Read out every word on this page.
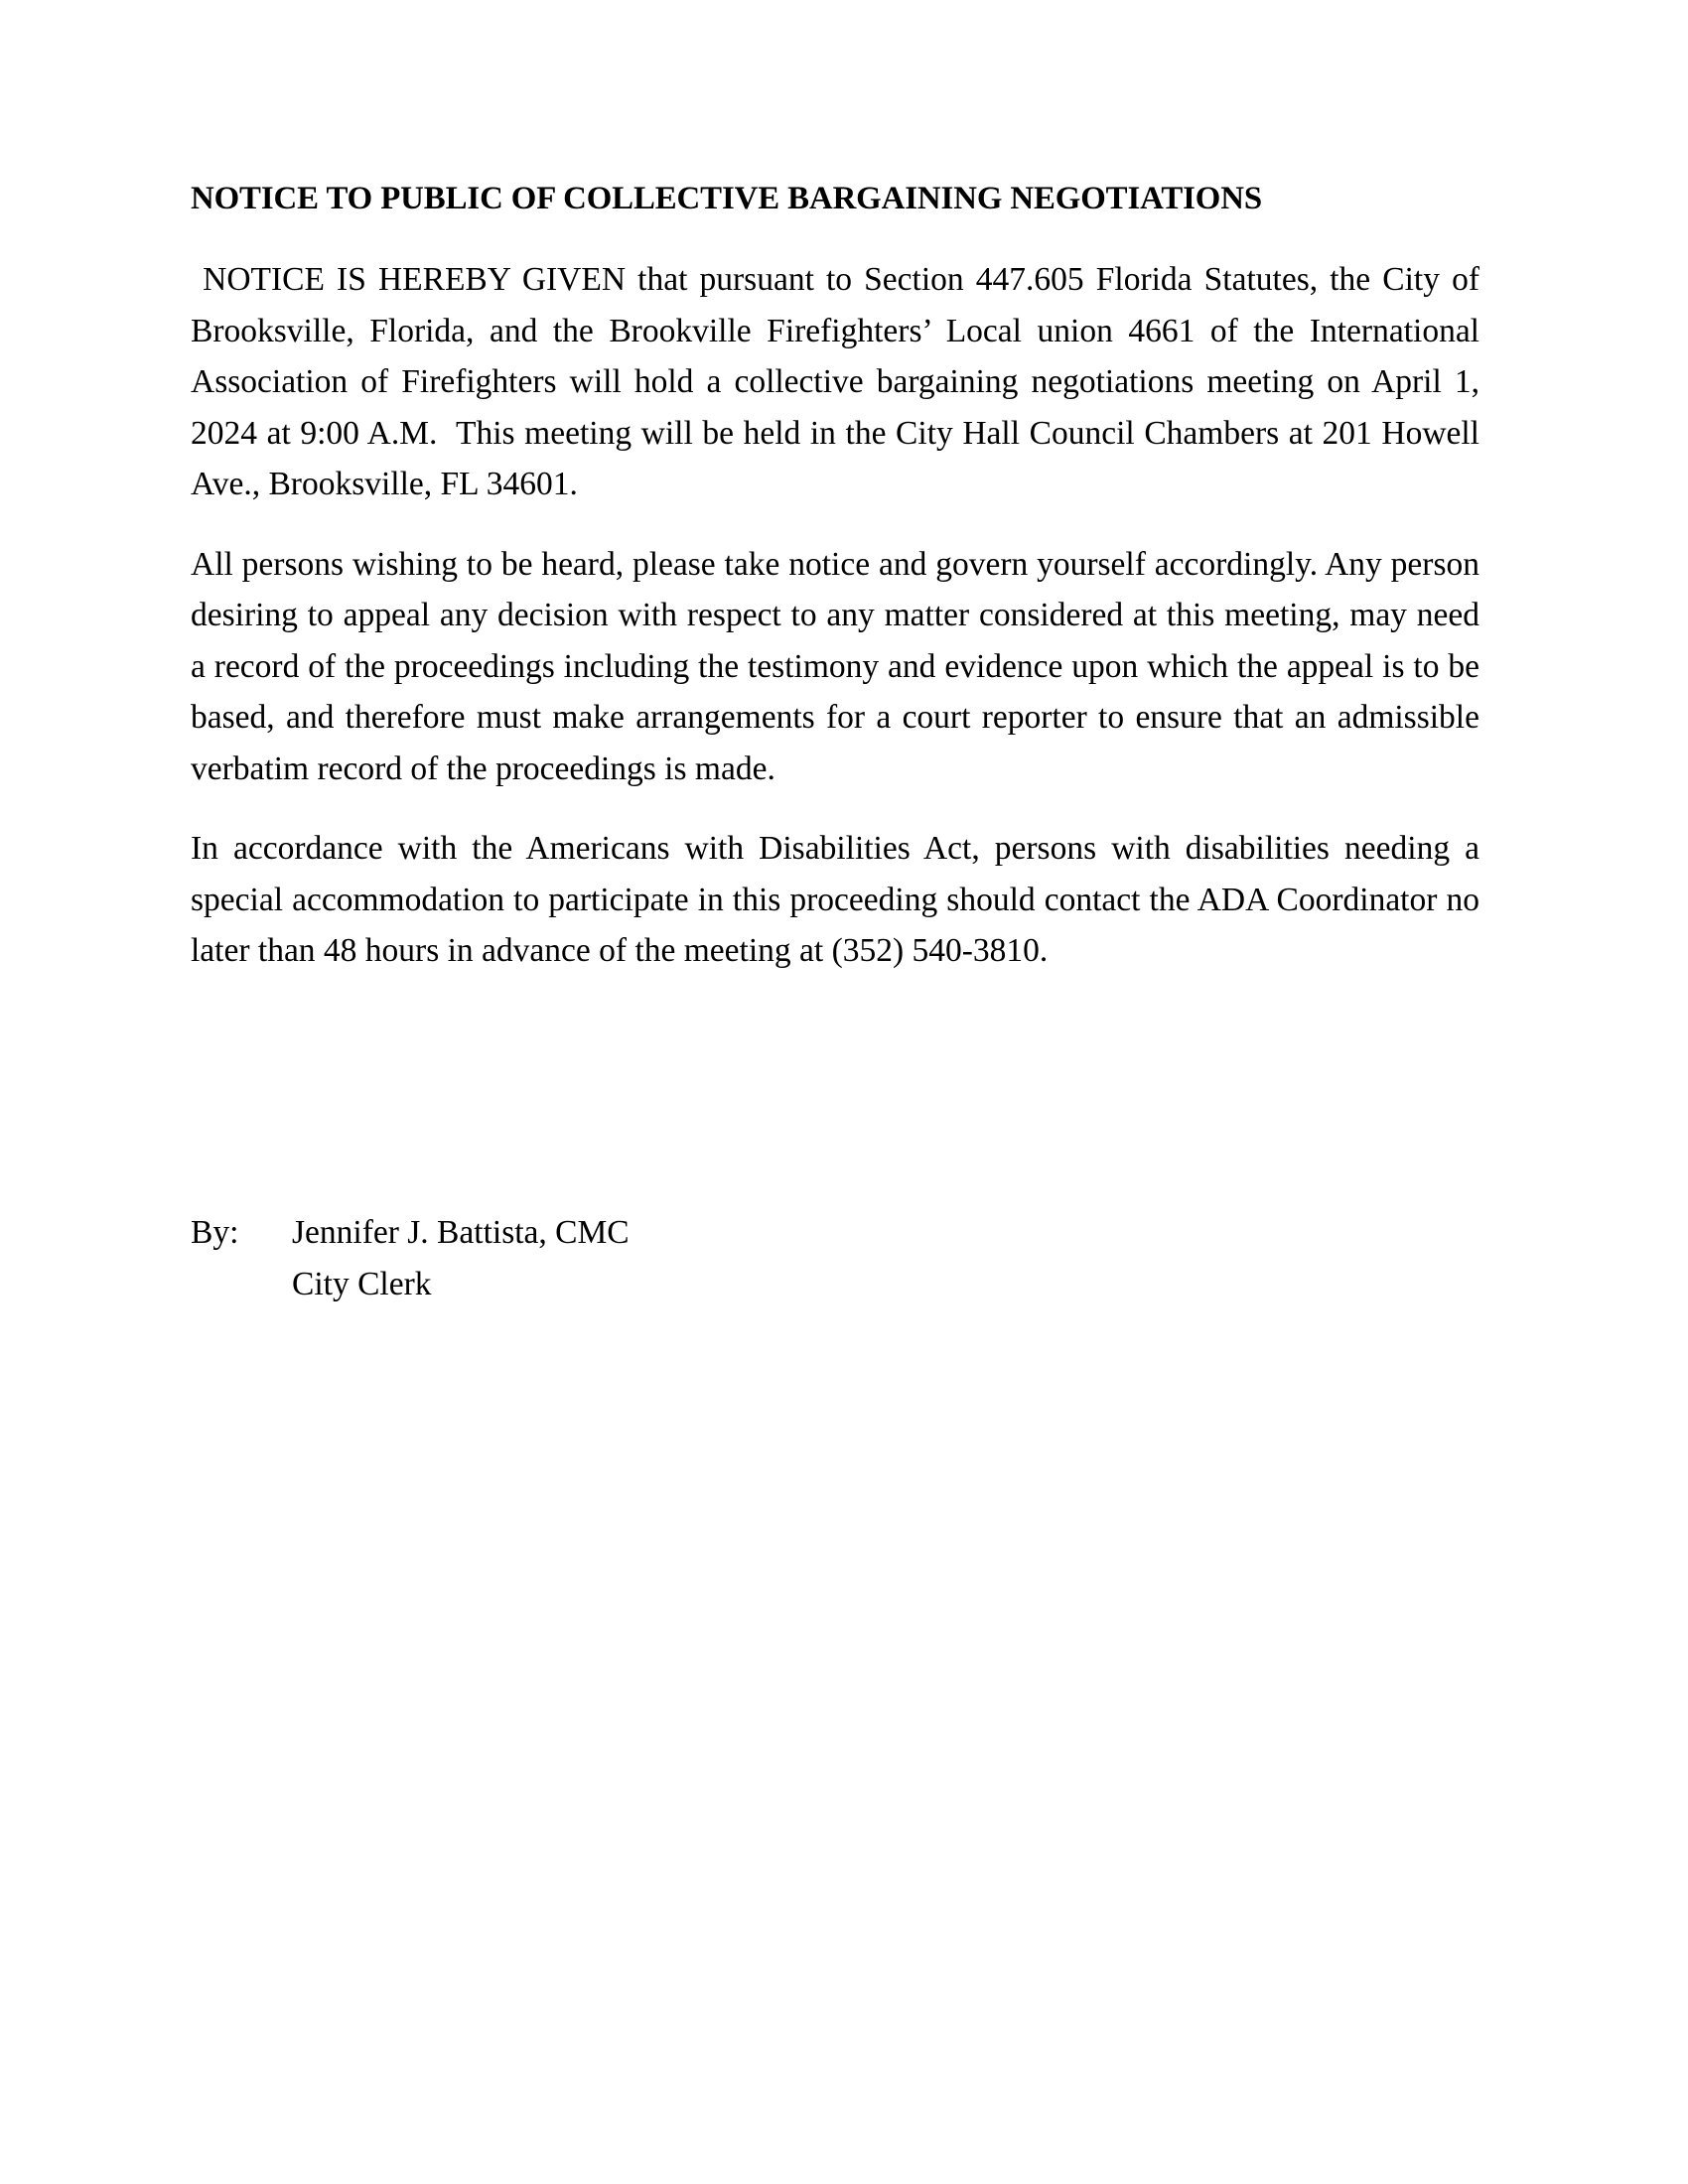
NOTICE TO PUBLIC OF COLLECTIVE BARGAINING NEGOTIATIONS

NOTICE IS HEREBY GIVEN that pursuant to Section 447.605 Florida Statutes, the City of Brooksville, Florida, and the Brookville Firefighters’ Local union 4661 of the International Association of Firefighters will hold a collective bargaining negotiations meeting on April 1, 2024 at 9:00 A.M.  This meeting will be held in the City Hall Council Chambers at 201 Howell Ave., Brooksville, FL 34601.

All persons wishing to be heard, please take notice and govern yourself accordingly. Any person desiring to appeal any decision with respect to any matter considered at this meeting, may need a record of the proceedings including the testimony and evidence upon which the appeal is to be based, and therefore must make arrangements for a court reporter to ensure that an admissible verbatim record of the proceedings is made.

In accordance with the Americans with Disabilities Act, persons with disabilities needing a special accommodation to participate in this proceeding should contact the ADA Coordinator no later than 48 hours in advance of the meeting at (352) 540-3810.

By:	Jennifer J. Battista, CMC
City Clerk
